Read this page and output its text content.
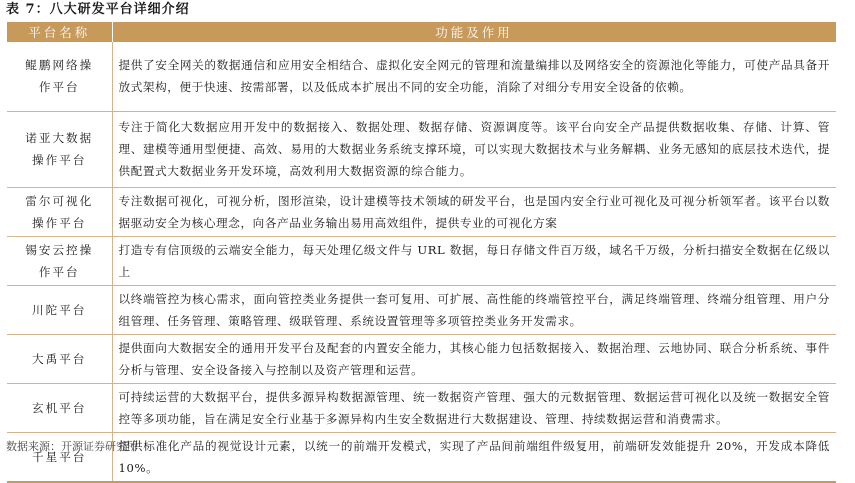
表 7：八大研发平台详细介绍
平台名称	功能及作用
鲲鹏网络操作平台	提供了安全网关的数据通信和应用安全相结合、虚拟化安全网元的管理和流量编排以及网络安全的资源池化等能力，可使产品具备开放式架构，便于快速、按需部署，以及低成本扩展出不同的安全功能，消除了对细分专用安全设备的依赖。
诺亚大数据操作平台	专注于简化大数据应用开发中的数据接入、数据处理、数据存储、资源调度等。该平台向安全产品提供数据收集、存储、计算、管理、建模等通用型便捷、高效、易用的大数据业务系统支撑环境，可以实现大数据技术与业务解耦、业务无感知的底层技术迭代，提供配置式大数据业务开发环境，高效利用大数据资源的综合能力。
雷尔可视化操作平台	专注数据可视化，可视分析，图形渲染，设计建模等技术领域的研发平台，也是国内安全行业可视化及可视分析领军者。该平台以数据驱动安全为核心理念，向各产品业务输出易用高效组件，提供专业的可视化方案
锡安云控操作平台	打造专有信顶级的云端安全能力，每天处理亿级文件与 URL 数据，每日存储文件百万级，域名千万级，分析扫描安全数据在亿级以上
川陀平台	以终端管控为核心需求，面向管控类业务提供一套可复用、可扩展、高性能的终端管控平台，满足终端管理、终端分组管理、用户分组管理、任务管理、策略管理、级联管理、系统设置管理等多项管控类业务开发需求。
大禹平台	提供面向大数据安全的通用开发平台及配套的内置安全能力，其核心能力包括数据接入、数据治理、云地协同、联合分析系统、事件分析与管理、安全设备接入与控制以及资产管理和运营。
玄机平台	可持续运营的大数据平台，提供多源异构数据源管理、统一数据资产管理、强大的元数据管理、数据运营可视化以及统一数据安全管控等多项功能，旨在满足安全行业基于多源异构内生安全数据进行大数据建设、管理、持续数据运营和消费需求。
千星平台	提供标准化产品的视觉设计元素，以统一的前端开发模式，实现了产品间前端组件级复用，前端研发效能提升 20%，开发成本降低 10%。
数据来源：开源证券研究所
